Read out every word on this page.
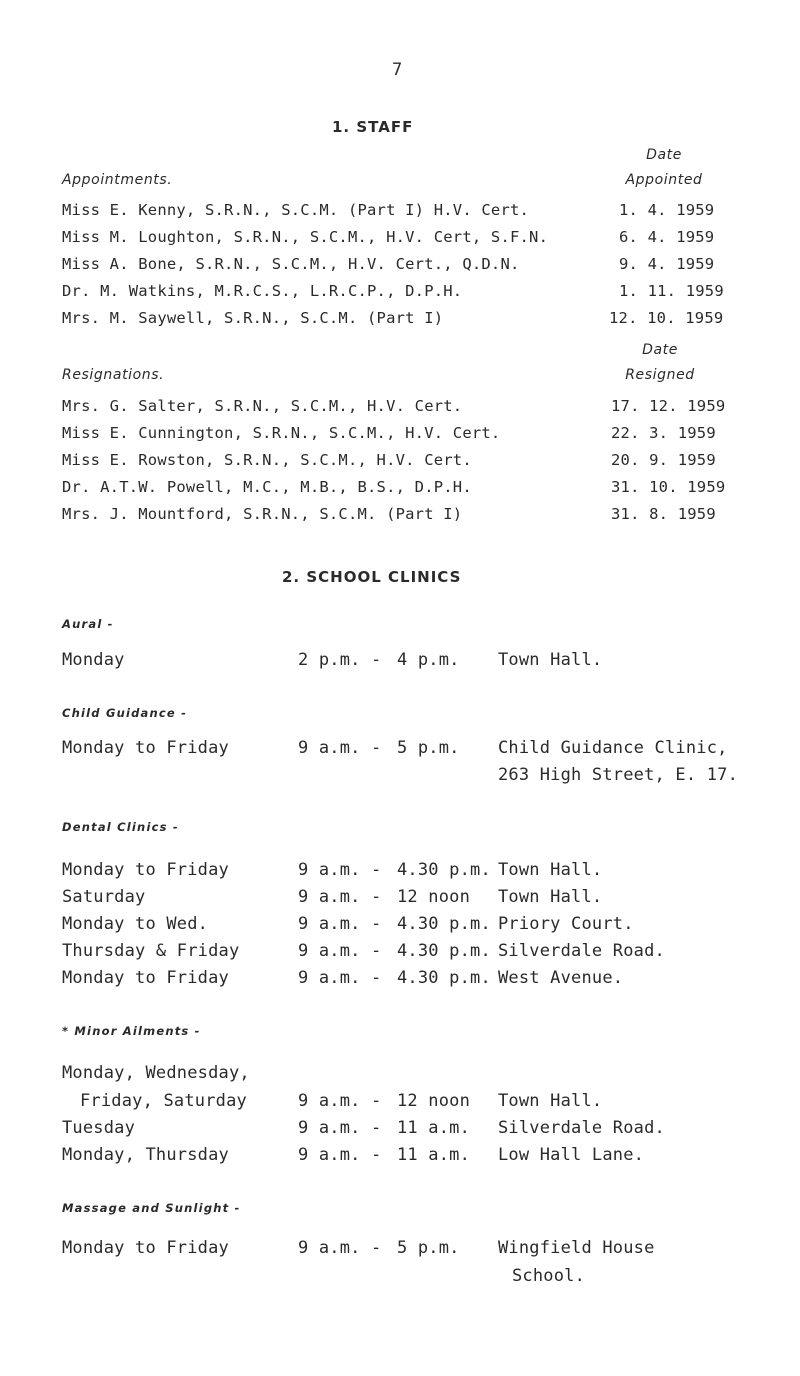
7
1. STAFF
Date
Appointments.	Appointed
Miss E. Kenny, S.R.N., S.C.M. (Part I) H.V. Cert.	1. 4. 1959
Miss M. Loughton, S.R.N., S.C.M., H.V. Cert, S.F.N.	6. 4. 1959
Miss A. Bone, S.R.N., S.C.M., H.V. Cert., Q.D.N.	9. 4. 1959
Dr. M. Watkins, M.R.C.S., L.R.C.P., D.P.H.	1. 11. 1959
Mrs. M. Saywell, S.R.N., S.C.M. (Part I)	12. 10. 1959
Date
Resignations.	Resigned
Mrs. G. Salter, S.R.N., S.C.M., H.V. Cert.	17. 12. 1959
Miss E. Cunnington, S.R.N., S.C.M., H.V. Cert.	22. 3. 1959
Miss E. Rowston, S.R.N., S.C.M., H.V. Cert.	20. 9. 1959
Dr. A.T.W. Powell, M.C., M.B., B.S., D.P.H.	31. 10. 1959
Mrs. J. Mountford, S.R.N., S.C.M. (Part I)	31. 8. 1959
2. SCHOOL CLINICS
Aural -
Monday	2 p.m. - 4 p.m. Town Hall.
Child Guidance -
Monday to Friday	9 a.m. - 5 p.m. Child Guidance Clinic,
263 High Street, E. 17.
Dental Clinics -
Monday to Friday	9 a.m. - 4.30 p.m. Town Hall.
Saturday	9 a.m. - 12 noon Town Hall.
Monday to Wed.	9 a.m. - 4.30 p.m. Priory Court.
Thursday & Friday	9 a.m. - 4.30 p.m. Silverdale Road.
Monday to Friday	9 a.m. - 4.30 p.m. West Avenue.
* Minor Ailments -
Monday, Wednesday,
Friday, Saturday	9 a.m. - 12 noon Town Hall.
Tuesday	9 a.m. - 11 a.m. Silverdale Road.
Monday, Thursday	9 a.m. - 11 a.m. Low Hall Lane.
Massage and Sunlight -
Monday to Friday	9 a.m. - 5 p.m. Wingfield House
School.
